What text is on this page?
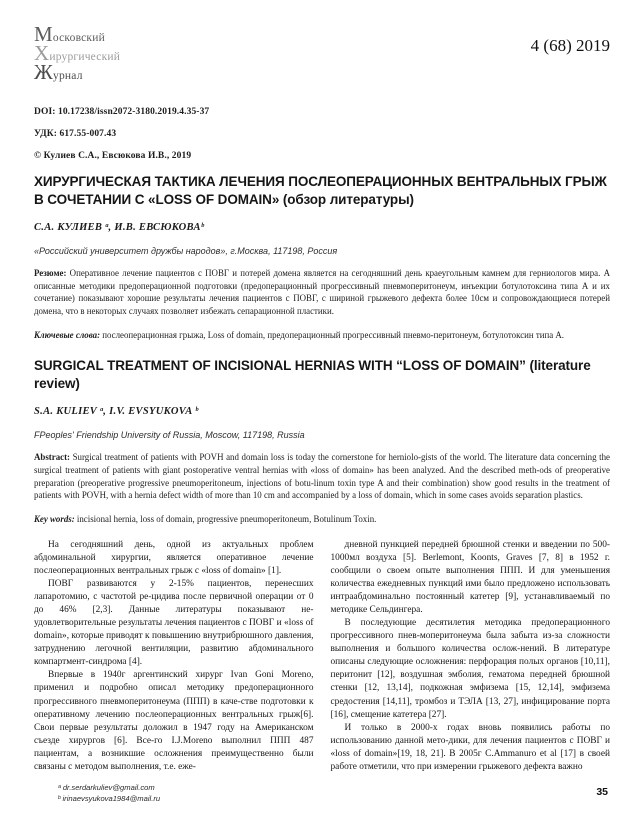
Московский
Хирургический
Журнал
4 (68) 2019
DOI: 10.17238/issn2072-3180.2019.4.35-37
УДК: 617.55-007.43
© Кулиев С.А., Евсюкова И.В., 2019
ХИРУРГИЧЕСКАЯ ТАКТИКА ЛЕЧЕНИЯ ПОСЛЕОПЕРАЦИОННЫХ ВЕНТРАЛЬНЫХ ГРЫЖ В СОЧЕТАНИИ С «LOSS OF DOMAIN» (обзор литературы)
С.А. КУЛИЕВ ᵃ, И.В. ЕВСЮКОВАᵇ
«Российский университет дружбы народов», г.Москва, 117198, Россия
Резюме: Оперативное лечение пациентов с ПОВГ и потерей домена является на сегодняшний день краеугольным камнем для герниологов мира. А описанные методики предоперационной подготовки (предоперационный прогрессивный пневмоперитонеум, инъекции ботулотоксина типа А и их сочетание) показывают хорошие результаты лечения пациентов с ПОВГ, с шириной грыжевого дефекта более 10см и сопровождающиеся потерей домена, что в некоторых случаях позволяет избежать сепарационной пластики.
Ключевые слова: послеоперационная грыжа, Loss of domain, предоперационный прогрессивный пневмо-перитонеум, ботулотоксин типа А.
SURGICAL TREATMENT OF INCISIONAL HERNIAS WITH “LOSS OF DOMAIN” (literature review)
S.A. KULIEV ᵃ, I.V. EVSYUKOVA ᵇ
FPeoples' Friendship University of Russia, Moscow, 117198, Russia
Abstract: Surgical treatment of patients with POVH and domain loss is today the cornerstone for herniolo-gists of the world. The literature data concerning the surgical treatment of patients with giant postoperative ventral hernias with «loss of domain» has been analyzed. And the described meth-ods of preoperative preparation (preoperative progressive pneumoperitoneum, injections of botu-linum toxin type A and their combination) show good results in the treatment of patients with POVH, with a hernia defect width of more than 10 cm and accompanied by a loss of domain, which in some cases avoids separation plastics.
Key words: incisional hernia, loss of domain, progressive pneumoperitoneum, Botulinum Toxin.

На сегодняшний день, одной из актуальных проблем абдоминальной хирургии, является оперативное лечение послеоперационных вентральных грыж с «loss of domain» [1].

ПОВГ развиваются у 2-15% пациентов, перенесших лапаротомию, с частотой ре-цидива после первичной операции от 0 до 46% [2,3]. Данные литературы показывают не-удовлетворительные результаты лечения пациентов с ПОВГ и «loss of domain», которые приводят к повышению внутрибрюшного давления, затруднению легочной вентиляции, развитию абдоминального компартмент-синдрома [4].

Впервые в 1940г аргентинский хирург Ivan Goni Moreno, применил и подробно описал методику предоперационного прогрессивного пневмоперитонеума (ППП) в каче-стве подготовки к оперативному лечению послеоперационных вентральных грыж[6]. Свои первые результаты доложил в 1947 году на Американском съезде хирургов [6]. Все-го I.J.Moreno выполнил ППП 487 пациентам, а возникшие осложнения преимущественно были связаны с методом выполнения, т.е. еже-

дневной пункцией передней брюшной стенки и введении по 500-1000мл воздуха [5]. Berlemont, Koonts, Graves [7, 8] в 1952 г. сообщили о своем опыте выполнения ППП. И для уменьшения количества ежедневных пункций ими было предложено использовать интраабдоминально постоянный катетер [9], устанавливаемый по методике Сельдингера.

В последующие десятилетия методика предоперационного прогрессивного пнев-моперитонеума была забыта из-за сложности выполнения и большого количества ослож-нений. В литературе описаны следующие осложнения: перфорация полых органов [10,11], перитонит [12], воздушная эмболия, гематома передней брюшной стенки [12, 13,14], подкожная эмфизема [15, 12,14], эмфизема средостения [14,11], тромбоз и ТЭЛА [13, 27], инфицирование порта [16], смещение катетера [27].

И только в 2000-х годах вновь появились работы по использованию данной мето-дики, для лечения пациентов с ПОВГ и «loss of domain»[19, 18, 21]. В 2005г C.Ammanuro et al [17] в своей работе отметили, что при измерении грыжевого дефекта важно

ᵃ dr.serdarkuliev@gmail.com
ᵇ irinaevsyukova1984@mail.ru
35
